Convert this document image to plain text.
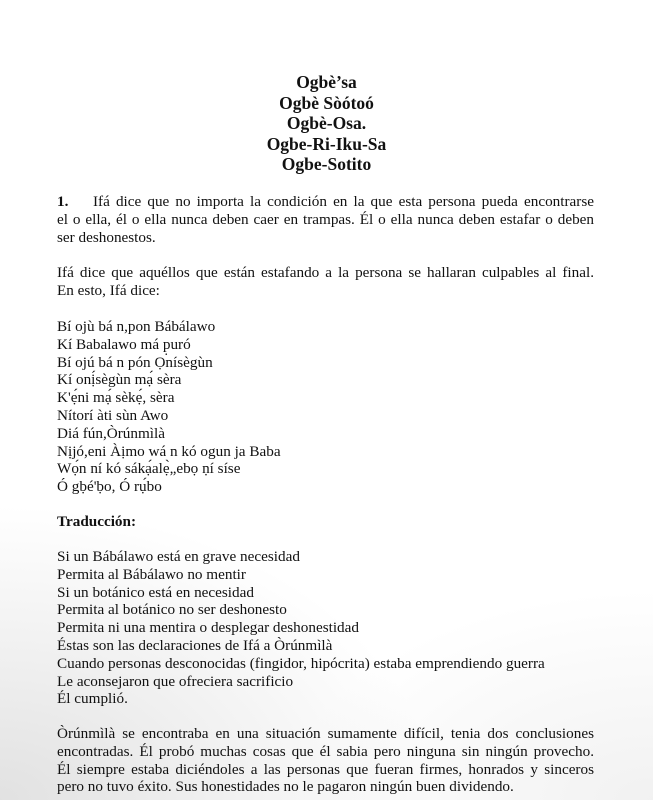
Ogbè’sa
Ogbè Sòótoó
Ogbè-Osa.
Ogbe-Ri-Iku-Sa
Ogbe-Sotito
1. Ifá dice que no importa la condición en la que esta persona pueda encontrarse
el o ella, él o ella nunca deben caer en trampas. Él o ella nunca deben estafar o deben
ser deshonestos.
Ifá dice que aquéllos que están estafando a la persona se hallaran culpables al final.
En esto, Ifá dice:
Bí ojù bá n,pon Bábálawo
Kí Babalawo má p̣uró
Bí ojú bá n pón Ọnísègùn
Kí onị́sègùn mạ́ sèra
K'ẹ́ni mạ́ sèkẹ́, sèra
Nítorí àti sùn Awo
Diá fún,Òrúnmìlà
Nịjó,eni Àịmo wá n kó ogun ja Baba
Wọ́n ní kó sákạ́alẹ̀„ebọ ṇí síse
Ó gḅé'ḅo, Ó rụ́bo
Traducción:
Si un Bábálawo está en grave necesidad
Permita al Bábálawo no mentir
Si un botánico está en necesidad
Permita al botánico no ser deshonesto
Permita ni una mentira o desplegar deshonestidad
Éstas son las declaraciones de Ifá a Òrúnmìlà
Cuando personas desconocidas (fingidor, hipócrita) estaba emprendiendo guerra
Le aconsejaron que ofreciera sacrificio
Él cumplió.
Òrúnmìlà se encontraba en una situación sumamente difícil, tenia dos conclusiones
encontradas. Él probó muchas cosas que él sabia pero ninguna sin ningún provecho.
Él siempre estaba diciéndoles a las personas que fueran firmes, honrados y sinceros
pero no tuvo éxito. Sus honestidades no le pagaron ningún buen dividendo.
